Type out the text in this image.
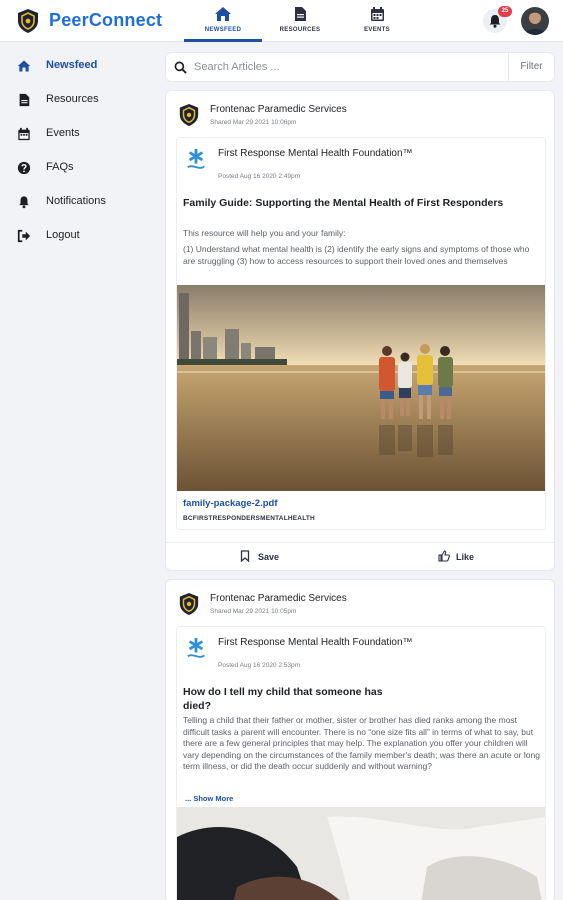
PeerConnect	NEWSFEED	RESOURCES	EVENTS
25
Newsfeed
Resources
Events
FAQs
Notifications
Logout
Search Articles ...
Filter
Frontenac Paramedic Services
Shared Mar 29 2021 10:06pm
First Response Mental Health Foundation™
Posted Aug 16 2020 2:49pm
Family Guide: Supporting the Mental Health of First Responders
This resource will help you and your family:
(1) Understand what mental health is (2) identify the early signs and symptoms of those who are struggling (3) how to access resources to support their loved ones and themselves
family-package-2.pdf
BCFIRSTRESPONDERSMENTALHEALTH
Save	Like
Frontenac Paramedic Services
Shared Mar 29 2021 10:05pm
First Response Mental Health Foundation™
Posted Aug 16 2020 2:53pm
How do I tell my child that someone has died?
Telling a child that their father or mother, sister or brother has died ranks among the most difficult tasks a parent will encounter. There is no “one size fits all” in terms of what to say, but there are a few general principles that may help. The explanation you offer your children will vary depending on the circumstances of the family member's death; was there an acute or long term illness, or did the death occur suddenly and without warning?
... Show More
